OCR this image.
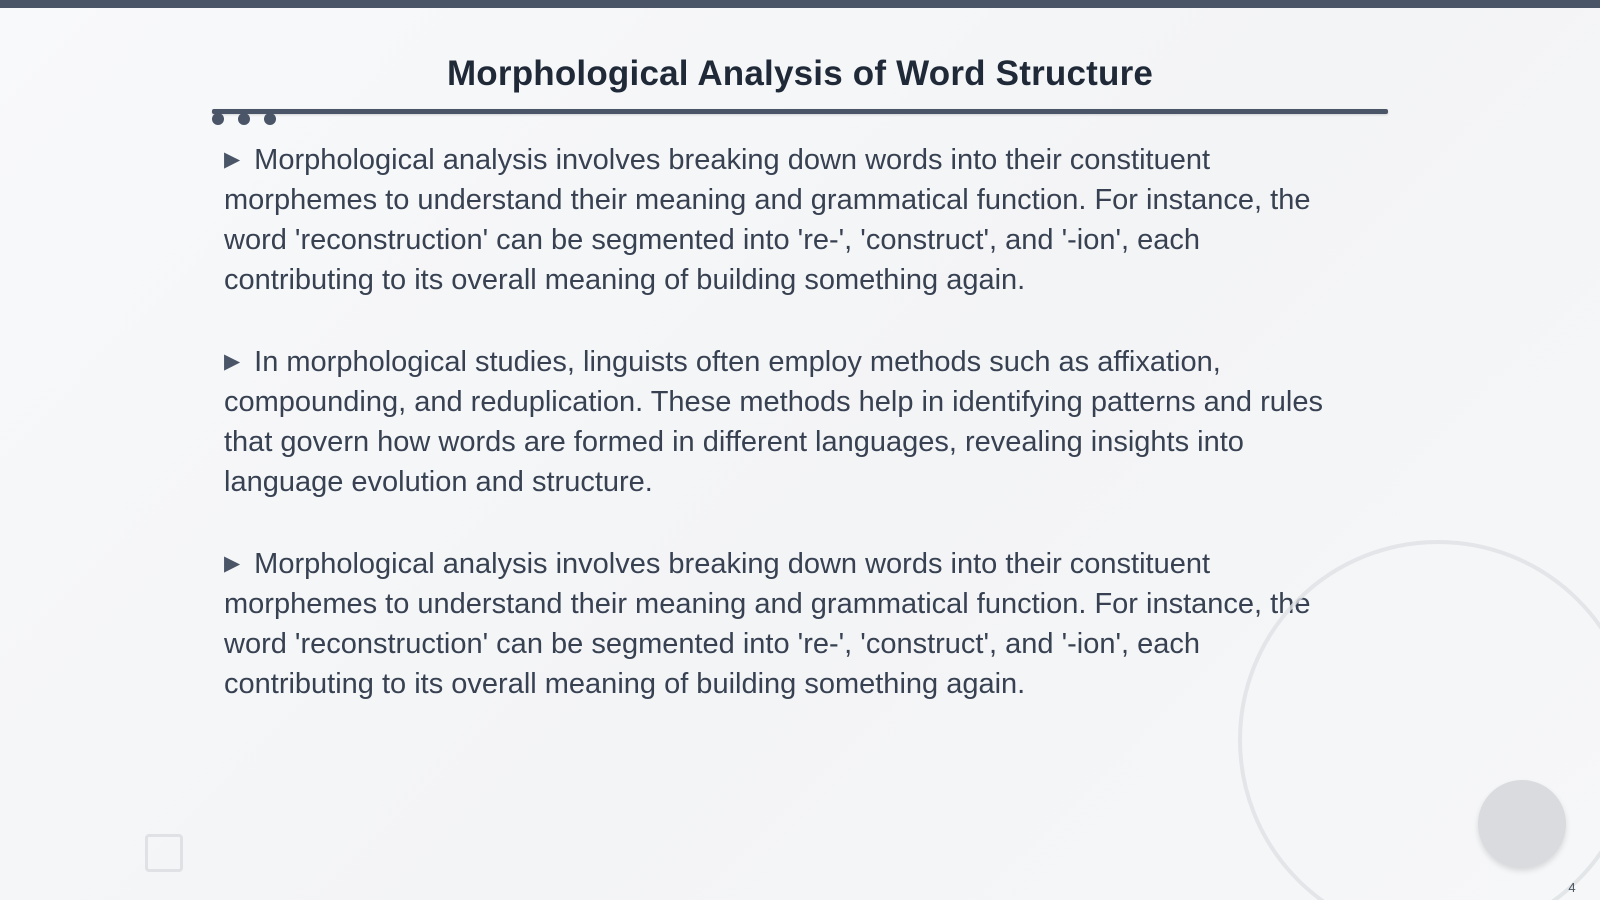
Morphological Analysis of Word Structure

▶ Morphological analysis involves breaking down words into their constituent morphemes to understand their meaning and grammatical function. For instance, the word 'reconstruction' can be segmented into 're-', 'construct', and '-ion', each contributing to its overall meaning of building something again.

▶ In morphological studies, linguists often employ methods such as affixation, compounding, and reduplication. These methods help in identifying patterns and rules that govern how words are formed in different languages, revealing insights into language evolution and structure.

▶ Morphological analysis involves breaking down words into their constituent morphemes to understand their meaning and grammatical function. For instance, the word 'reconstruction' can be segmented into 're-', 'construct', and '-ion', each contributing to its overall meaning of building something again.

4
